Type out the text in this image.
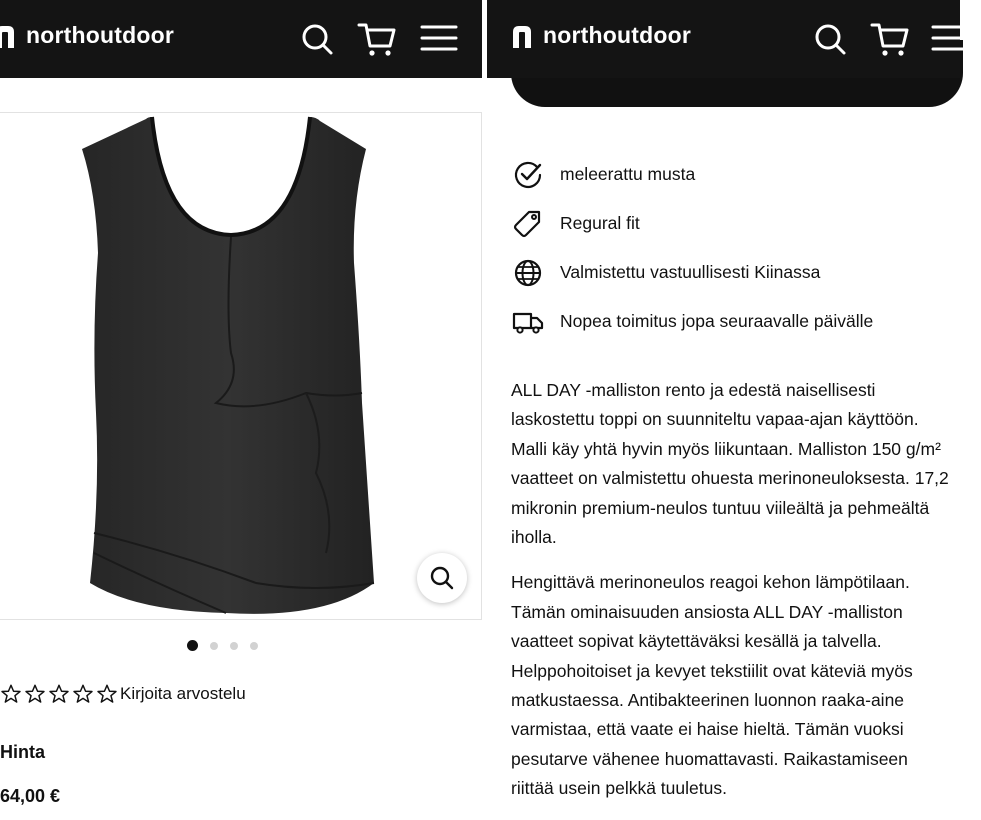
northoutdoor
Kirjoita arvostelu
Hinta
64,00 €
northoutdoor
meleerattu musta
Regural fit
Valmistettu vastuullisesti Kiinassa
Nopea toimitus jopa seuraavalle päivälle

ALL DAY -malliston rento ja edestä naisellisesti
laskostettu toppi on suunniteltu vapaa-ajan käyttöön.
Malli käy yhtä hyvin myös liikuntaan. Malliston 150 g/m²
vaatteet on valmistettu ohuesta merinoneuloksesta. 17,2
mikronin premium-neulos tuntuu viileältä ja pehmeältä
iholla.

Hengittävä merinoneulos reagoi kehon lämpötilaan.
Tämän ominaisuuden ansiosta ALL DAY -malliston
vaatteet sopivat käytettäväksi kesällä ja talvella.
Helppohoitoiset ja kevyet tekstiilit ovat käteviä myös
matkustaessa. Antibakteerinen luonnon raaka-aine
varmistaa, että vaate ei haise hieltä. Tämän vuoksi
pesutarve vähenee huomattavasti. Raikastamiseen
riittää usein pelkkä tuuletus.
